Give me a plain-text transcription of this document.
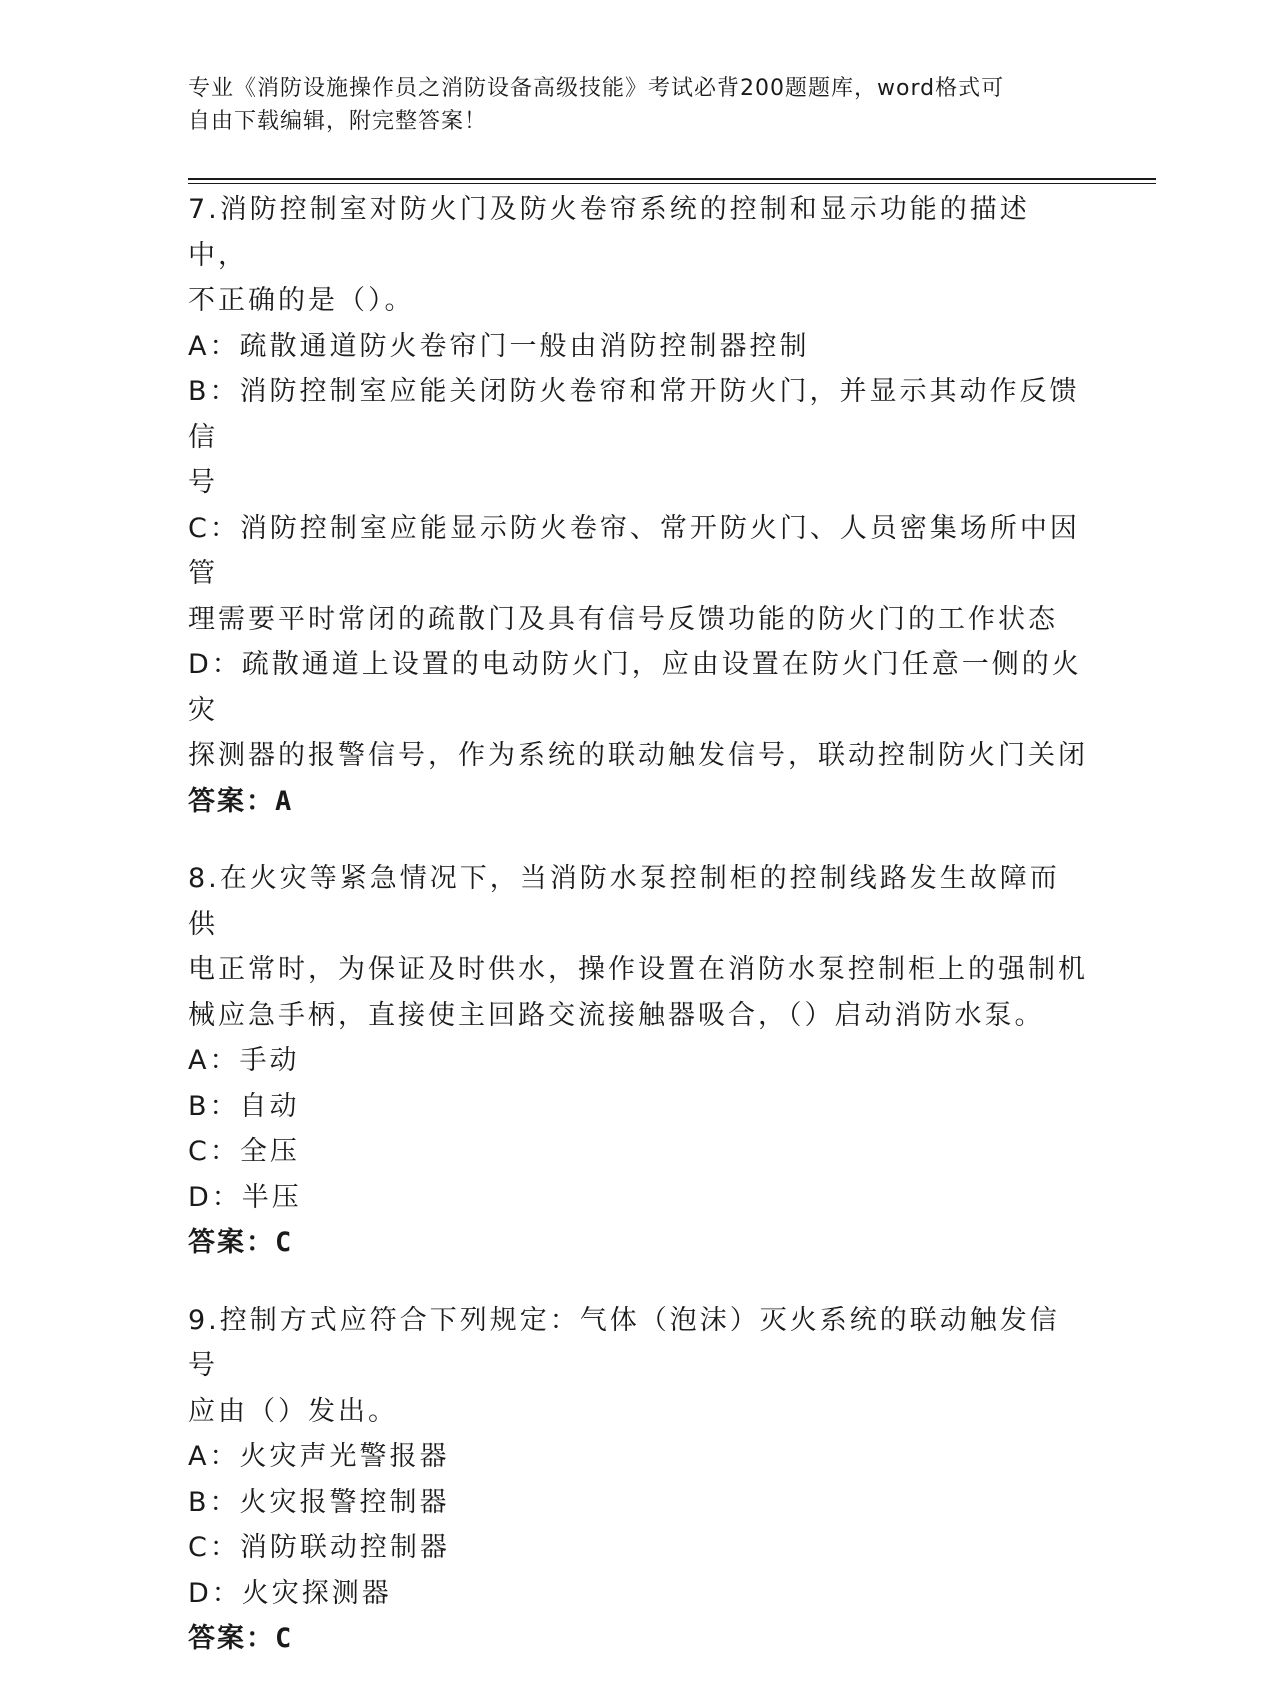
专业《消防设施操作员之消防设备高级技能》考试必背200题题库，word格式可
自由下载编辑，附完整答案！
7.消防控制室对防火门及防火卷帘系统的控制和显示功能的描述中，
不正确的是（）。
A：疏散通道防火卷帘门一般由消防控制器控制
B：消防控制室应能关闭防火卷帘和常开防火门，并显示其动作反馈信
号
C：消防控制室应能显示防火卷帘、常开防火门、人员密集场所中因管
理需要平时常闭的疏散门及具有信号反馈功能的防火门的工作状态
D：疏散通道上设置的电动防火门，应由设置在防火门任意一侧的火灾
探测器的报警信号，作为系统的联动触发信号，联动控制防火门关闭
答案：A
8.在火灾等紧急情况下，当消防水泵控制柜的控制线路发生故障而供
电正常时，为保证及时供水，操作设置在消防水泵控制柜上的强制机
械应急手柄，直接使主回路交流接触器吸合，（）启动消防水泵。
A：手动
B：自动
C：全压
D：半压
答案：C
9.控制方式应符合下列规定：气体（泡沫）灭火系统的联动触发信号
应由（）发出。
A：火灾声光警报器
B：火灾报警控制器
C：消防联动控制器
D：火灾探测器
答案：C
